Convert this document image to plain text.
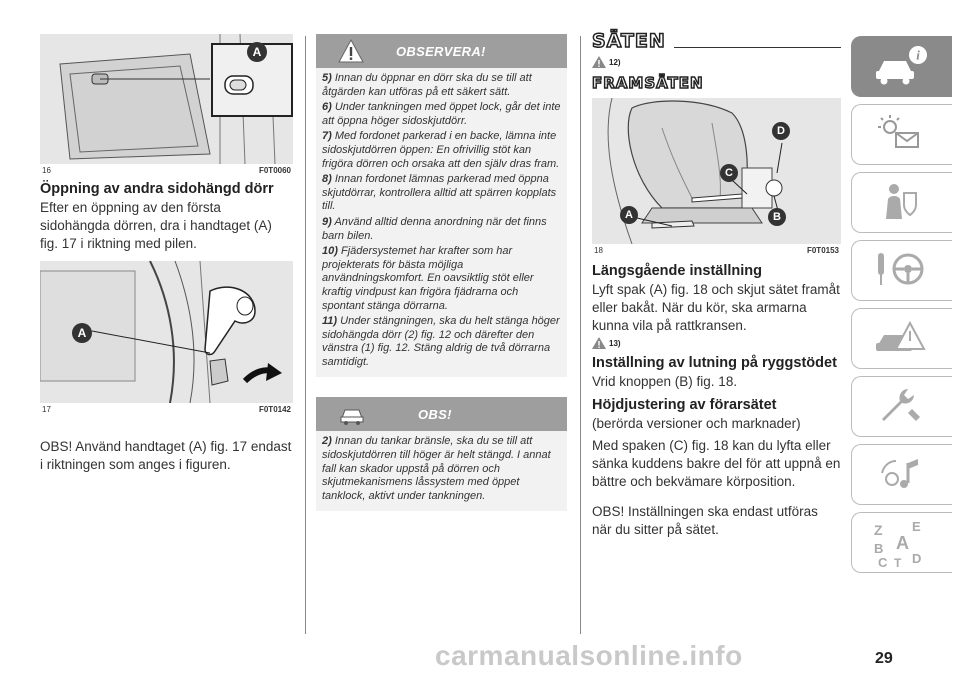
A
16	F0T0060
Öppning av andra sidohängd dörr

Efter en öppning av den första sidohängda dörren, dra i handtaget (A) fig. 17 i riktning med pilen.

A
17	F0T0142

OBS! Använd handtaget (A) fig. 17 endast i riktningen som anges i figuren.

OBSERVERA!

5) Innan du öppnar en dörr ska du se till att åtgärden kan utföras på ett säkert sätt.

6) Under tankningen med öppet lock, går det inte att öppna höger sidoskjutdörr.

7) Med fordonet parkerad i en backe, lämna inte sidoskjutdörren öppen: En ofrivillig stöt kan frigöra dörren och orsaka att den själv dras fram.

8) Innan fordonet lämnas parkerad med öppna skjutdörrar, kontrollera alltid att spärren kopplats till.

9) Använd alltid denna anordning när det finns barn bilen.

10) Fjädersystemet har krafter som har projekterats för bästa möjliga användningskomfort. En oavsiktlig stöt eller kraftig vindpust kan frigöra fjädrarna och spontant stänga dörrarna.

11) Under stängningen, ska du helt stänga höger sidohängda dörr (2) fig. 12 och därefter den vänstra (1) fig. 12. Stäng aldrig de två dörrarna samtidigt.

OBS!

2) Innan du tankar bränsle, ska du se till att sidoskjutdörren till höger är helt stängd. I annat fall kan skador uppstå på dörren och skjutmekanismens låssystem med öppet tanklock, aktivt under tankningen.

SÄTEN
12)
FRAMSÄTEN
D
C
B
A
18	F0T0153
Längsgående inställning

Lyft spak (A) fig. 18 och skjut sätet framåt eller bakåt. När du kör, ska armarna kunna vila på rattkransen.

13)
Inställning av lutning på ryggstödet

Vrid knoppen (B) fig. 18.

Höjdjustering av förarsätet

(berörda versioner och marknader)

Med spaken (C) fig. 18 kan du lyfta eller sänka kuddens bakre del för att uppnå en bättre och bekvämare körposition.

OBS! Inställningen ska endast utföras när du sitter på sätet.

i
Z E
A
B
C T D
carmanualsonline.info	29
